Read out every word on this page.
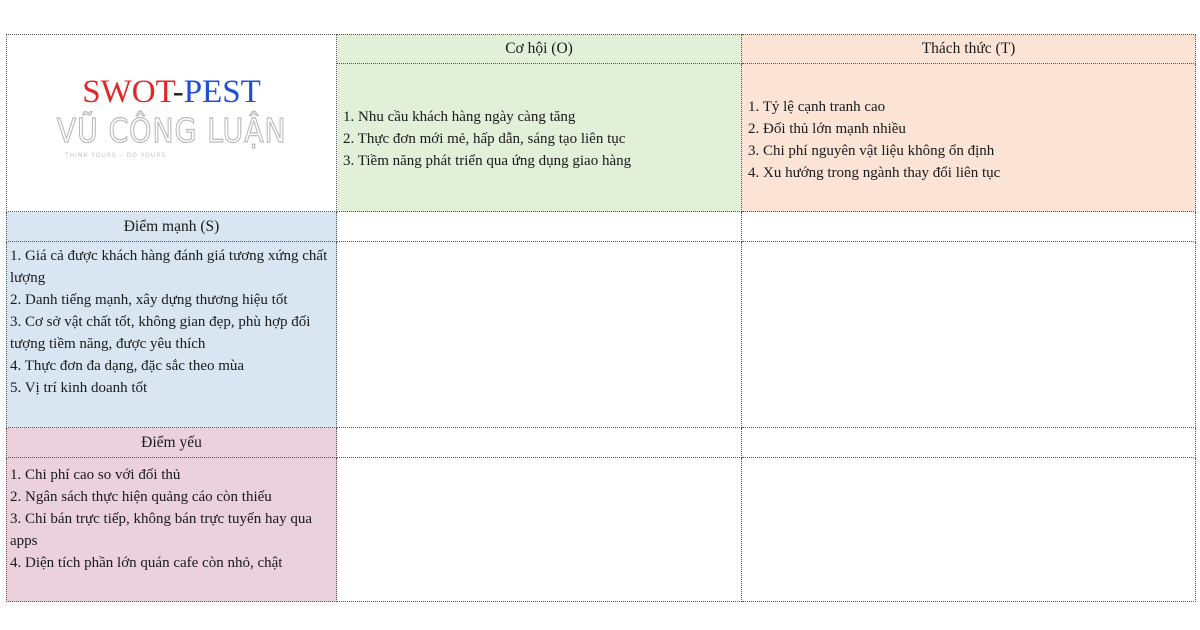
SWOT-PEST
VŨ CÔNG LUẬN
THINK YOURS – DO YOURS
Cơ hội (O)	Thách thức (T)
1. Nhu cầu khách hàng ngày càng tăng
2. Thực đơn mới mẻ, hấp dẫn, sáng tạo liên tục
3. Tiềm năng phát triển qua ứng dụng giao hàng
1. Tỷ lệ cạnh tranh cao
2. Đối thủ lớn mạnh nhiều
3. Chi phí nguyên vật liệu không ổn định
4. Xu hướng trong ngành thay đổi liên tục
Điểm mạnh (S)
1. Giá cả được khách hàng đánh giá tương xứng chất lượng
2. Danh tiếng mạnh, xây dựng thương hiệu tốt
3. Cơ sở vật chất tốt, không gian đẹp, phù hợp đối tượng tiềm năng, được yêu thích
4. Thực đơn đa dạng, đặc sắc theo mùa
5. Vị trí kinh doanh tốt
Điểm yếu
1. Chi phí cao so với đối thủ
2. Ngân sách thực hiện quảng cáo còn thiếu
3. Chỉ bán trực tiếp, không bán trực tuyến hay qua apps
4. Diện tích phần lớn quán cafe còn nhỏ, chật
